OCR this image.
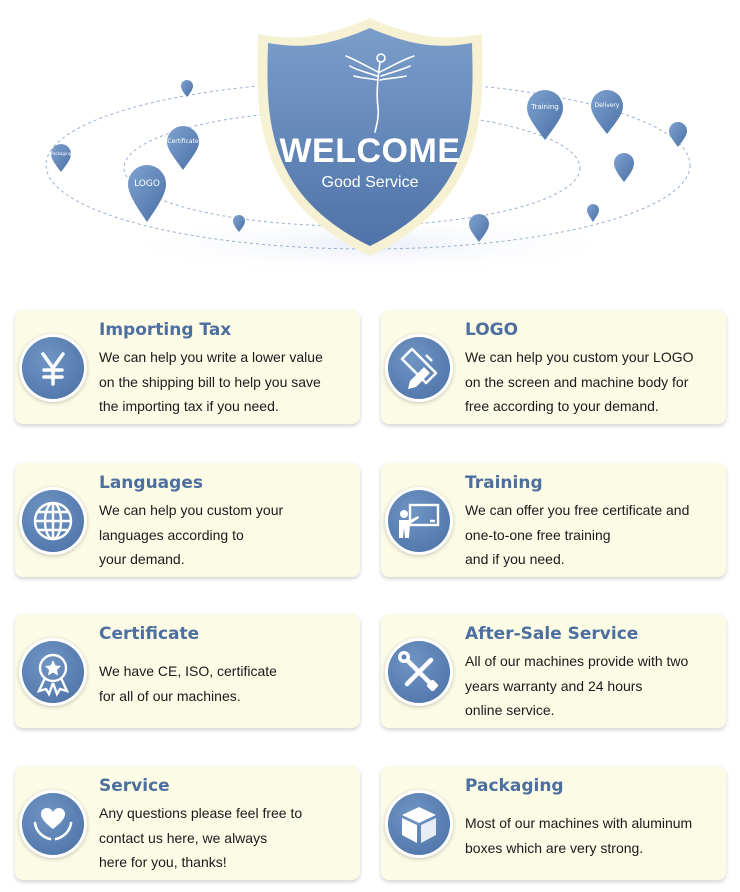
WELCOME
Good Service
LOGO
Certificate
Packaging
Training	Delivery
Importing Tax
We can help you write a lower value
on the shipping bill to help you save
the importing tax if you need.
LOGO
We can help you custom your LOGO
on the screen and machine body for
free according to your demand.
Languages
We can help you custom your
languages according to
your demand.
Training
We can offer you free certificate and
one-to-one free training
and if you need.
Certificate
We have CE, ISO, certificate
for all of our machines.
After-Sale Service
All of our machines provide with two
years warranty and 24 hours
online service.
Service
Any questions please feel free to
contact us here, we always
here for you, thanks!
Packaging
Most of our machines with aluminum
boxes which are very strong.
